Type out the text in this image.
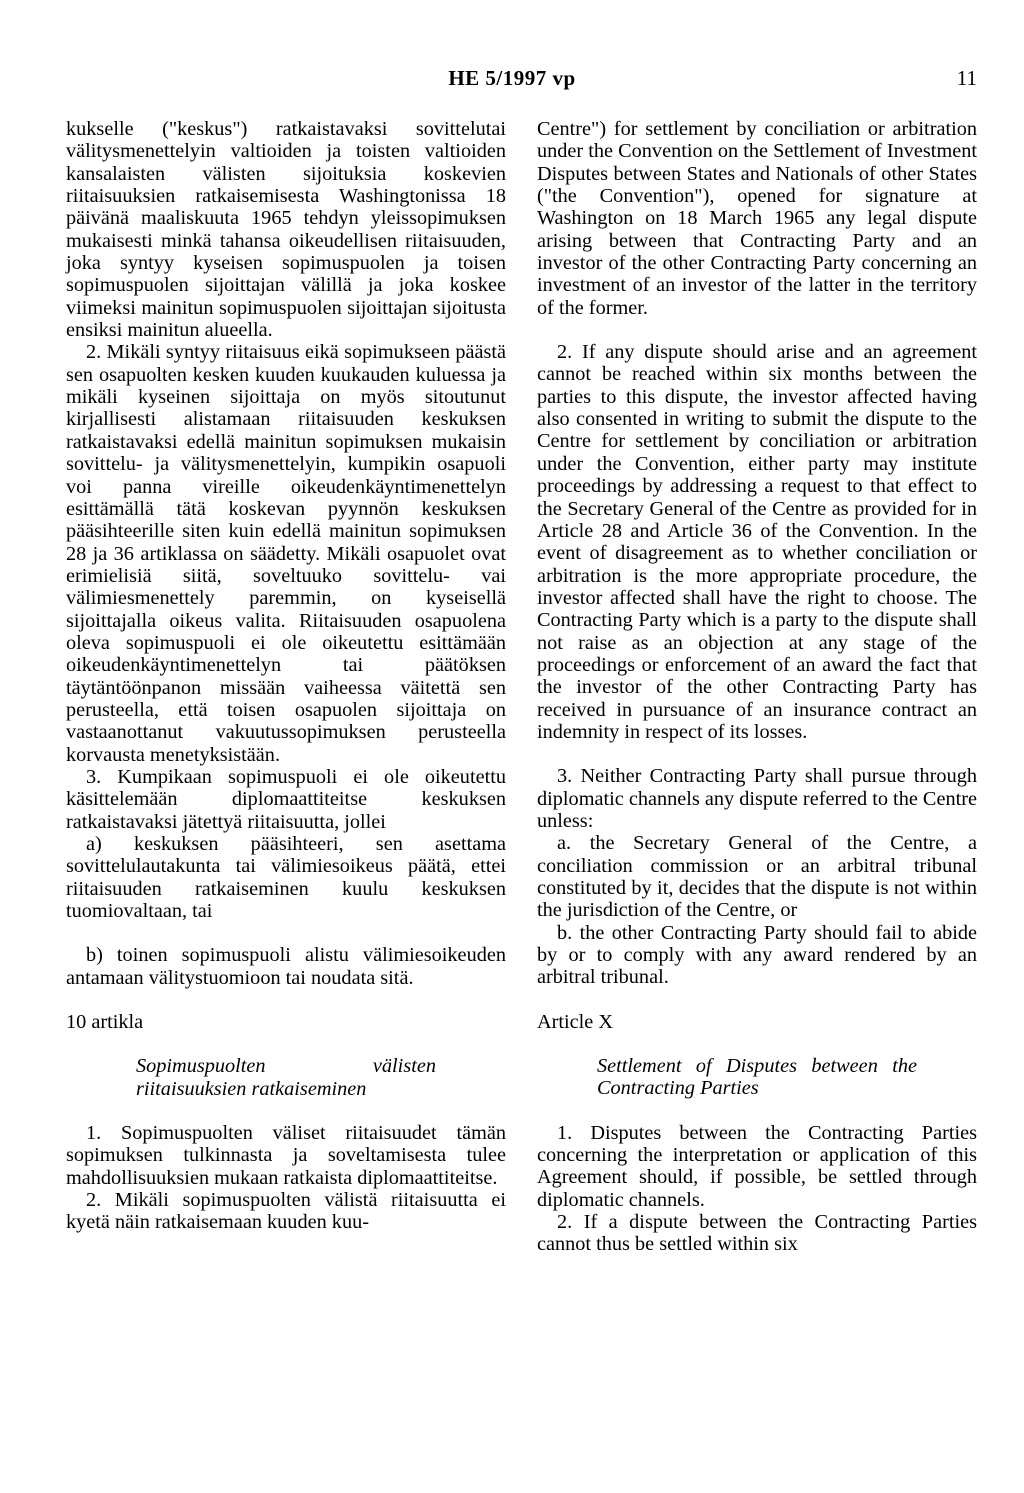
HE 5/1997 vp	11

kukselle ("keskus") ratkaistavaksi sovittelutai välitysmenettelyin valtioiden ja toisten valtioiden kansalaisten välisten sijoituksia koskevien riitaisuuksien ratkaisemisesta Washingtonissa 18 päivänä maaliskuuta 1965 tehdyn yleissopimuksen mukaisesti minkä tahansa oikeudellisen riitaisuuden, joka syntyy kyseisen sopimuspuolen ja toisen sopimuspuolen sijoittajan välillä ja joka koskee viimeksi mainitun sopimuspuolen sijoittajan sijoitusta ensiksi mainitun alueella.

2. Mikäli syntyy riitaisuus eikä sopimukseen päästä sen osapuolten kesken kuuden kuukauden kuluessa ja mikäli kyseinen sijoittaja on myös sitoutunut kirjallisesti alistamaan riitaisuuden keskuksen ratkaistavaksi edellä mainitun sopimuksen mukaisin sovittelu- ja välitysmenettelyin, kumpikin osapuoli voi panna vireille oikeudenkäyntimenettelyn esittämällä tätä koskevan pyynnön keskuksen pääsihteerille siten kuin edellä mainitun sopimuksen 28 ja 36 artiklassa on säädetty. Mikäli osapuolet ovat erimielisiä siitä, soveltuuko sovittelu- vai välimiesmenettely paremmin, on kyseisellä sijoittajalla oikeus valita. Riitaisuuden osapuolena oleva sopimuspuoli ei ole oikeutettu esittämään oikeudenkäyntimenettelyn tai päätöksen täytäntöönpanon missään vaiheessa väitettä sen perusteella, että toisen osapuolen sijoittaja on vastaanottanut vakuutussopimuksen perusteella korvausta menetyksistään.

3. Kumpikaan sopimuspuoli ei ole oikeutettu käsittelemään diplomaattiteitse keskuksen ratkaistavaksi jätettyä riitaisuutta, jollei

a) keskuksen pääsihteeri, sen asettama sovittelulautakunta tai välimiesoikeus päätä, ettei riitaisuuden ratkaiseminen kuulu keskuksen tuomiovaltaan, tai

b) toinen sopimuspuoli alistu välimiesoikeuden antamaan välitystuomioon tai noudata sitä.

10 artikla

Sopimuspuolten välisten riitaisuuksien ratkaiseminen

1. Sopimuspuolten väliset riitaisuudet tämän sopimuksen tulkinnasta ja soveltamisesta tulee mahdollisuuksien mukaan ratkaista diplomaattiteitse.

2. Mikäli sopimuspuolten välistä riitaisuutta ei kyetä näin ratkaisemaan kuuden kuu-

Centre") for settlement by conciliation or arbitration under the Convention on the Settlement of Investment Disputes between States and Nationals of other States ("the Convention"), opened for signature at Washington on 18 March 1965 any legal dispute arising between that Contracting Party and an investor of the other Contracting Party concerning an investment of an investor of the latter in the territory of the former.

2. If any dispute should arise and an agreement cannot be reached within six months between the parties to this dispute, the investor affected having also consented in writing to submit the dispute to the Centre for settlement by conciliation or arbitration under the Convention, either party may institute proceedings by addressing a request to that effect to the Secretary General of the Centre as provided for in Article 28 and Article 36 of the Convention. In the event of disagreement as to whether conciliation or arbitration is the more appropriate procedure, the investor affected shall have the right to choose. The Contracting Party which is a party to the dispute shall not raise as an objection at any stage of the proceedings or enforcement of an award the fact that the investor of the other Contracting Party has received in pursuance of an insurance contract an indemnity in respect of its losses.

3. Neither Contracting Party shall pursue through diplomatic channels any dispute referred to the Centre unless:

a. the Secretary General of the Centre, a conciliation commission or an arbitral tribunal constituted by it, decides that the dispute is not within the jurisdiction of the Centre, or

b. the other Contracting Party should fail to abide by or to comply with any award rendered by an arbitral tribunal.

Article X

Settlement of Disputes between the Contracting Parties

1. Disputes between the Contracting Parties concerning the interpretation or application of this Agreement should, if possible, be settled through diplomatic channels.

2. If a dispute between the Contracting Parties cannot thus be settled within six
